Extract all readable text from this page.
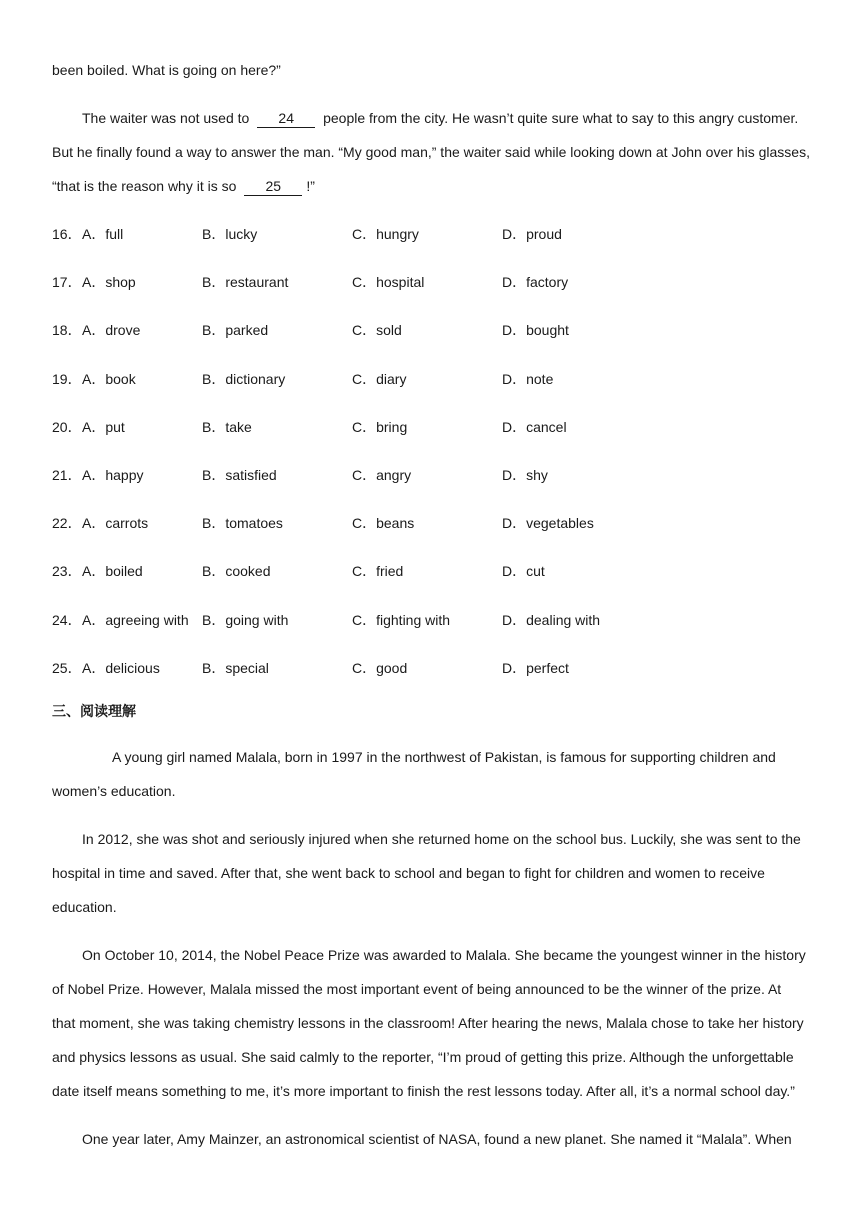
been boiled. What is going on here?”
The waiter was not used to 24 people from the city. He wasn’t quite sure what to say to this angry customer.
But he finally found a way to answer the man. “My good man,” the waiter said while looking down at John over his glasses,
“that is the reason why it is so 25 !”
16． A．full	B．lucky	C．hungry	D．proud
17． A．shop	B．restaurant	C．hospital	D．factory
18． A．drove	B．parked	C．sold	D．bought
19． A．book	B．dictionary	C．diary	D．note
20． A．put	B．take	C．bring	D．cancel
21． A．happy	B．satisfied	C．angry	D．shy
22． A．carrots	B．tomatoes	C．beans	D．vegetables
23． A．boiled	B．cooked	C．fried	D．cut
24． A．agreeing with B．going with	C．fighting with	D．dealing with
25． A．delicious	B．special	C．good	D．perfect
三、阅读理解
A young girl named Malala, born in 1997 in the northwest of Pakistan, is famous for supporting children and
women’s education.
In 2012, she was shot and seriously injured when she returned home on the school bus. Luckily, she was sent to the
hospital in time and saved. After that, she went back to school and began to fight for children and women to receive
education.
On October 10, 2014, the Nobel Peace Prize was awarded to Malala. She became the youngest winner in the history
of Nobel Prize. However, Malala missed the most important event of being announced to be the winner of the prize. At
that moment, she was taking chemistry lessons in the classroom! After hearing the news, Malala chose to take her history
and physics lessons as usual. She said calmly to the reporter, “I’m proud of getting this prize. Although the unforgettable
date itself means something to me, it’s more important to finish the rest lessons today. After all, it’s a normal school day.”
One year later, Amy Mainzer, an astronomical scientist of NASA, found a new planet. She named it “Malala”. When
